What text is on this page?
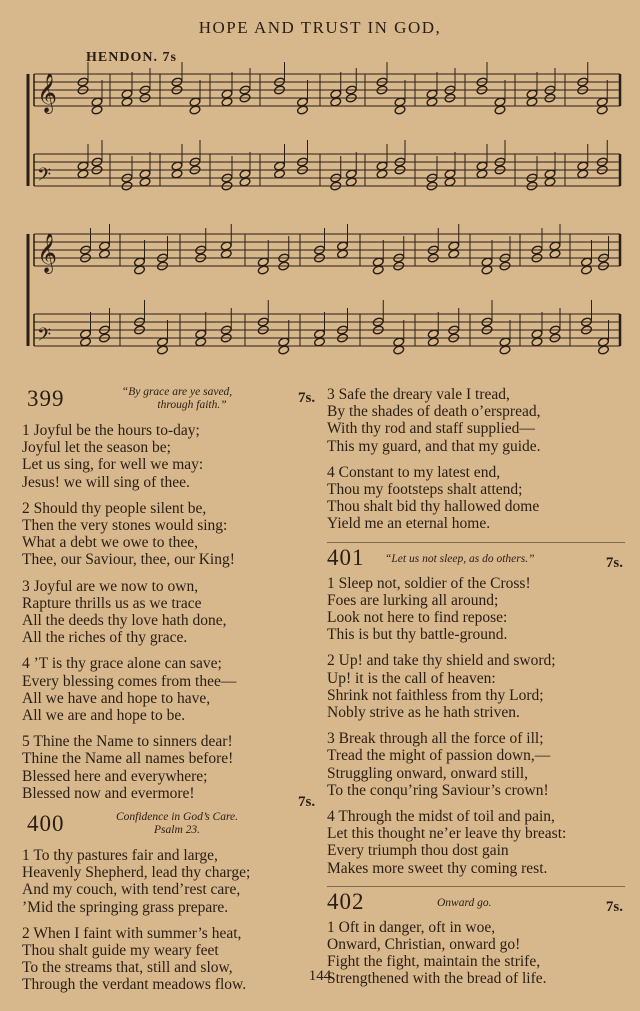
HOPE AND TRUST IN GOD,
HENDON. 7s
𝄞
𝄢
𝄞
𝄢
399	“By grace are ye saved,
through faith.”
1 Joyful be the hours to-day;
Joyful let the season be;
Let us sing, for well we may:
Jesus! we will sing of thee.
2 Should thy people silent be,
Then the very stones would sing:
What a debt we owe to thee,
Thee, our Saviour, thee, our King!
3 Joyful are we now to own,
Rapture thrills us as we trace
All the deeds thy love hath done,
All the riches of thy grace.
4 ’T is thy grace alone can save;
Every blessing comes from thee—
All we have and hope to have,
All we are and hope to be.
5 Thine the Name to sinners dear!
Thine the Name all names before!
Blessed here and everywhere;
Blessed now and evermore!
400	Confidence in God’s Care.
Psalm 23.
1 To thy pastures fair and large,
Heavenly Shepherd, lead thy charge;
And my couch, with tend’rest care,
’Mid the springing grass prepare.
2 When I faint with summer’s heat,
Thou shalt guide my weary feet
To the streams that, still and slow,
Through the verdant meadows flow.
3 Safe the dreary vale I tread,
By the shades of death o’erspread,
With thy rod and staff supplied—
This my guard, and that my guide.
4 Constant to my latest end,
Thou my footsteps shalt attend;
Thou shalt bid thy hallowed dome
Yield me an eternal home.
401 “Let us not sleep, as do others.”	7s.
1 Sleep not, soldier of the Cross!
Foes are lurking all around;
Look not here to find repose:
This is but thy battle-ground.
2 Up! and take thy shield and sword;
Up! it is the call of heaven:
Shrink not faithless from thy Lord;
Nobly strive as he hath striven.
3 Break through all the force of ill;
Tread the might of passion down,—
Struggling onward, onward still,
To the conqu’ring Saviour’s crown!
4 Through the midst of toil and pain,
Let this thought ne’er leave thy breast:
Every triumph thou dost gain
Makes more sweet thy coming rest.
402	Onward go.	7s.
1 Oft in danger, oft in woe,
Onward, Christian, onward go!
Fight the fight, maintain the strife,
Strengthened with the bread of life.
7s.
7s.
144
